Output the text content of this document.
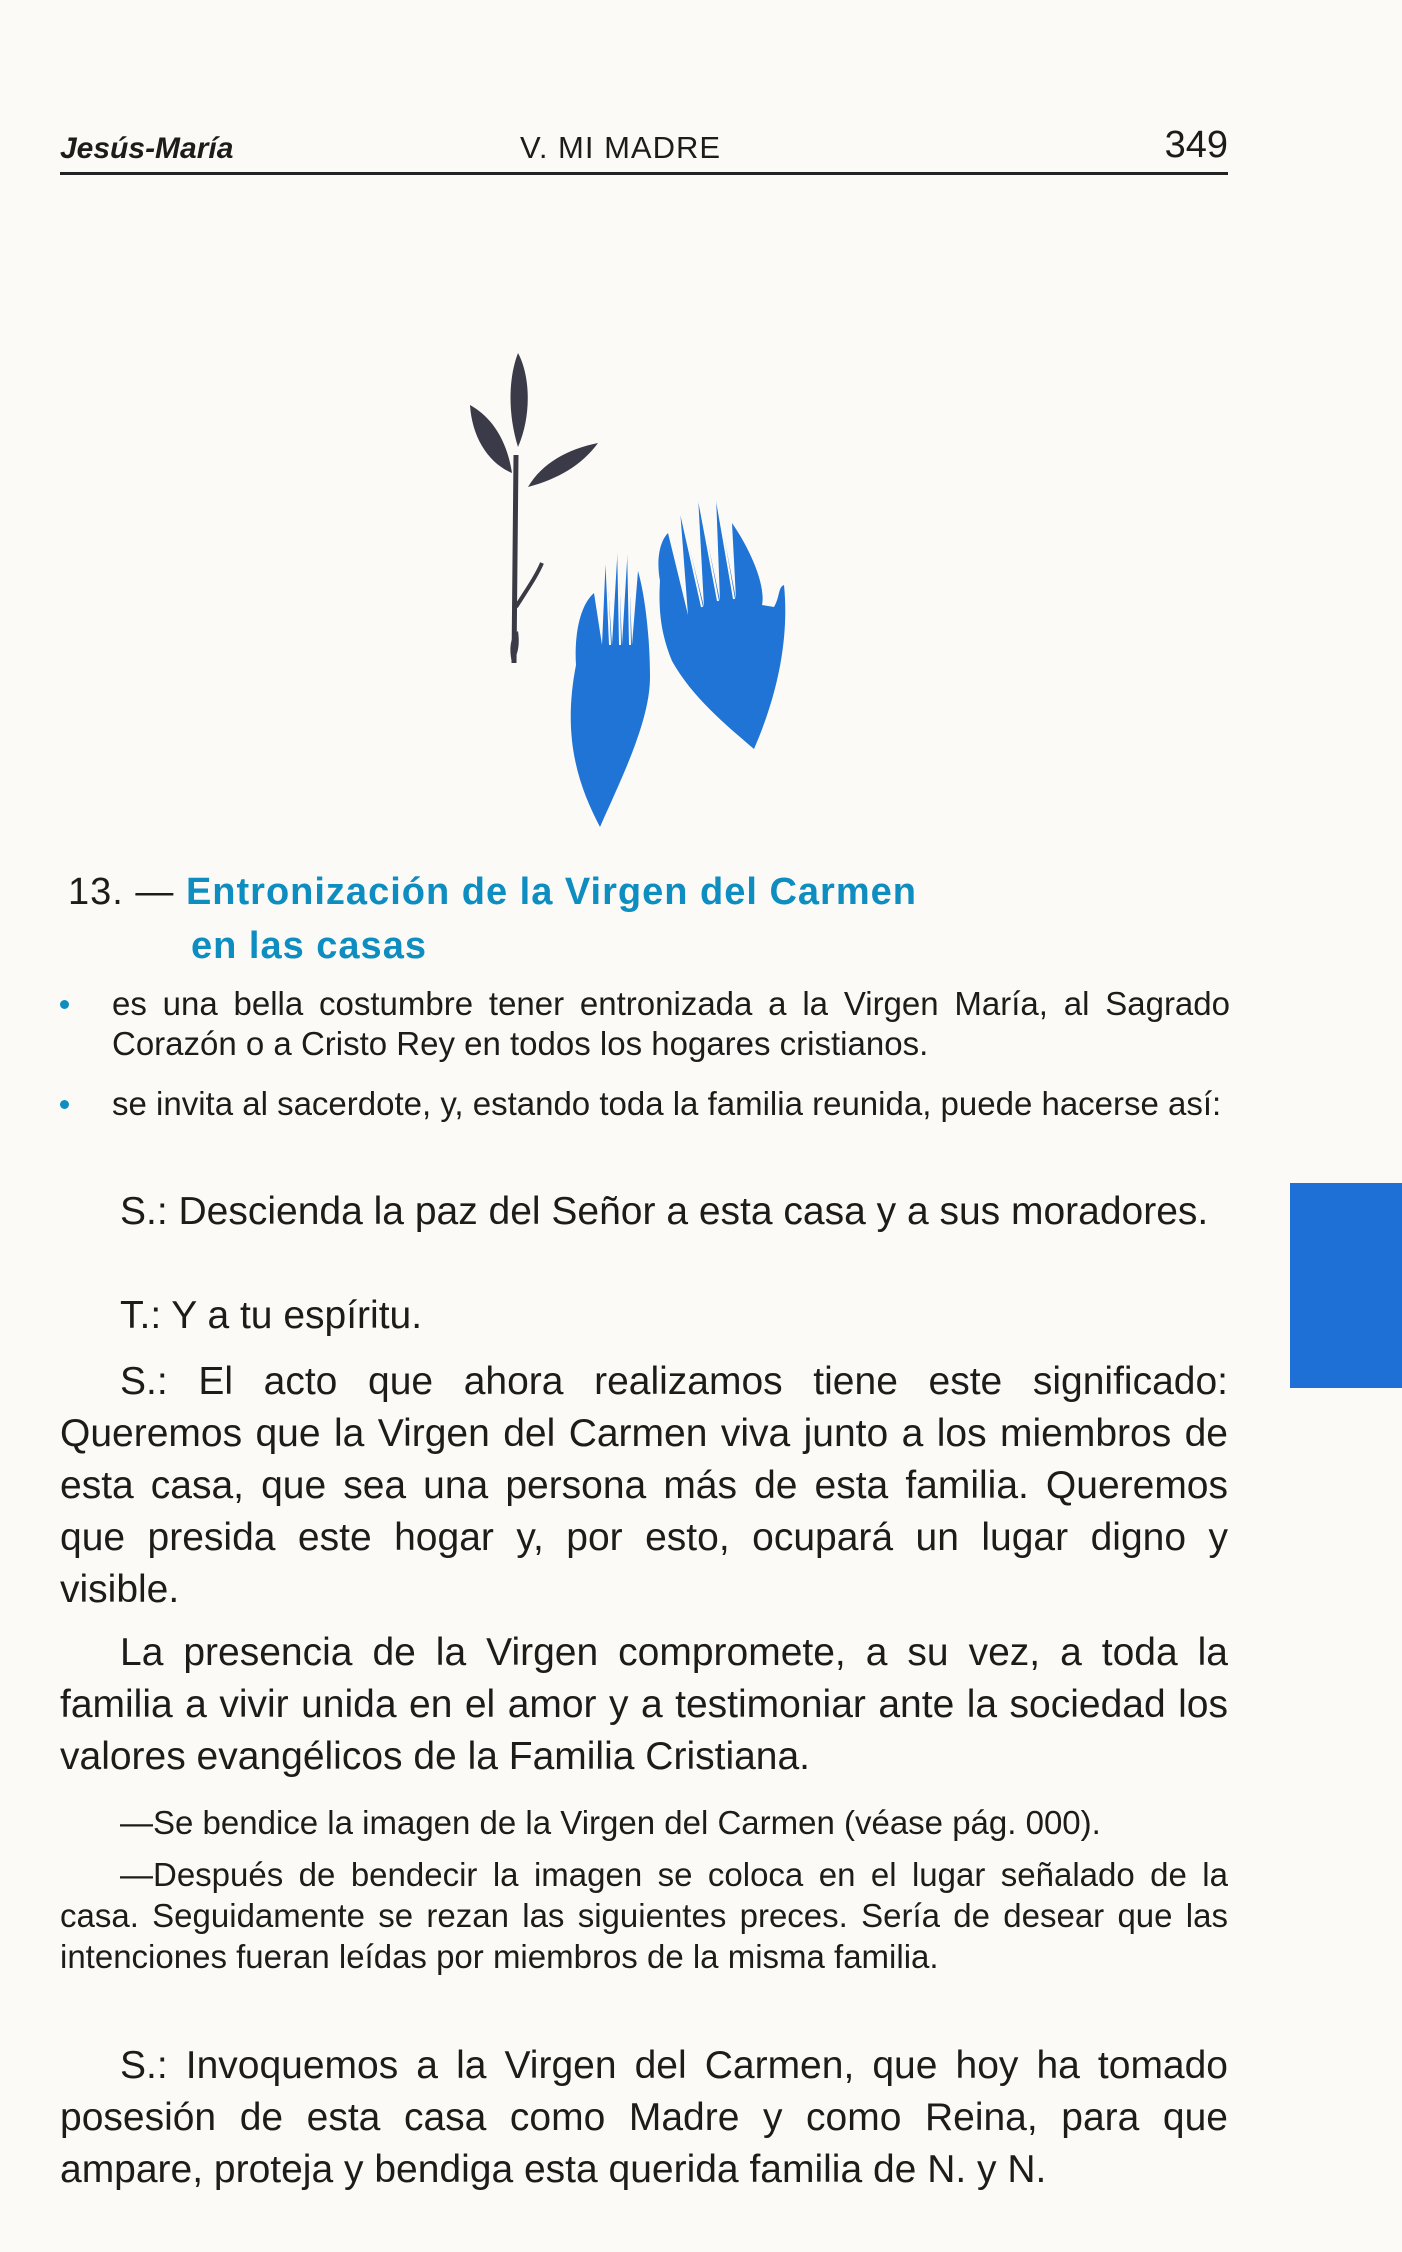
Jesús-María	V. MI MADRE	349
13. — Entronización de la Virgen del Carmen
en las casas
es una bella costumbre tener entronizada a la Virgen María, al Sagrado Corazón o a Cristo Rey en todos los hogares cristianos.
se invita al sacerdote, y, estando toda la familia reunida, puede hacerse así:
S.: Descienda la paz del Señor a esta casa y a sus moradores.
T.: Y a tu espíritu.
S.: El acto que ahora realizamos tiene este significado: Queremos que la Virgen del Carmen viva junto a los miembros de esta casa, que sea una persona más de esta familia. Queremos que presida este hogar y, por esto, ocupará un lugar digno y visible.
La presencia de la Virgen compromete, a su vez, a toda la familia a vivir unida en el amor y a testimoniar ante la sociedad los valores evangélicos de la Familia Cristiana.
—Se bendice la imagen de la Virgen del Carmen (véase pág. 000).
—Después de bendecir la imagen se coloca en el lugar señalado de la casa. Seguidamente se rezan las siguientes preces. Sería de desear que las intenciones fueran leídas por miembros de la misma familia.
S.: Invoquemos a la Virgen del Carmen, que hoy ha tomado posesión de esta casa como Madre y como Reina, para que ampare, proteja y bendiga esta querida familia de N. y N.
